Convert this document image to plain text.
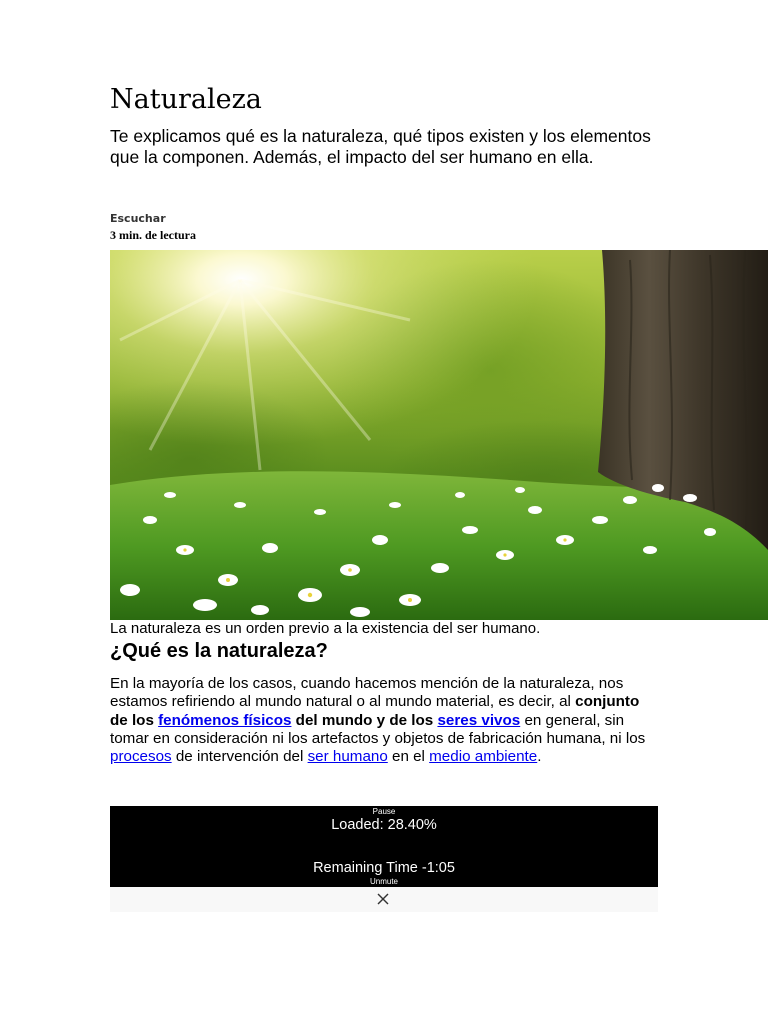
Naturaleza

Te explicamos qué es la naturaleza, qué tipos existen y los elementos que la componen. Además, el impacto del ser humano en ella.

Escuchar
3 min. de lectura
La naturaleza es un orden previo a la existencia del ser humano.
¿Qué es la naturaleza?

En la mayoría de los casos, cuando hacemos mención de la naturaleza, nos estamos refiriendo al mundo natural o al mundo material, es decir, al conjunto de los fenómenos físicos del mundo y de los seres vivos en general, sin tomar en consideración ni los artefactos y objetos de fabricación humana, ni los procesos de intervención del ser humano en el medio ambiente.

Pause
Loaded: 28.40%
Remaining Time -1:05
Unmute
